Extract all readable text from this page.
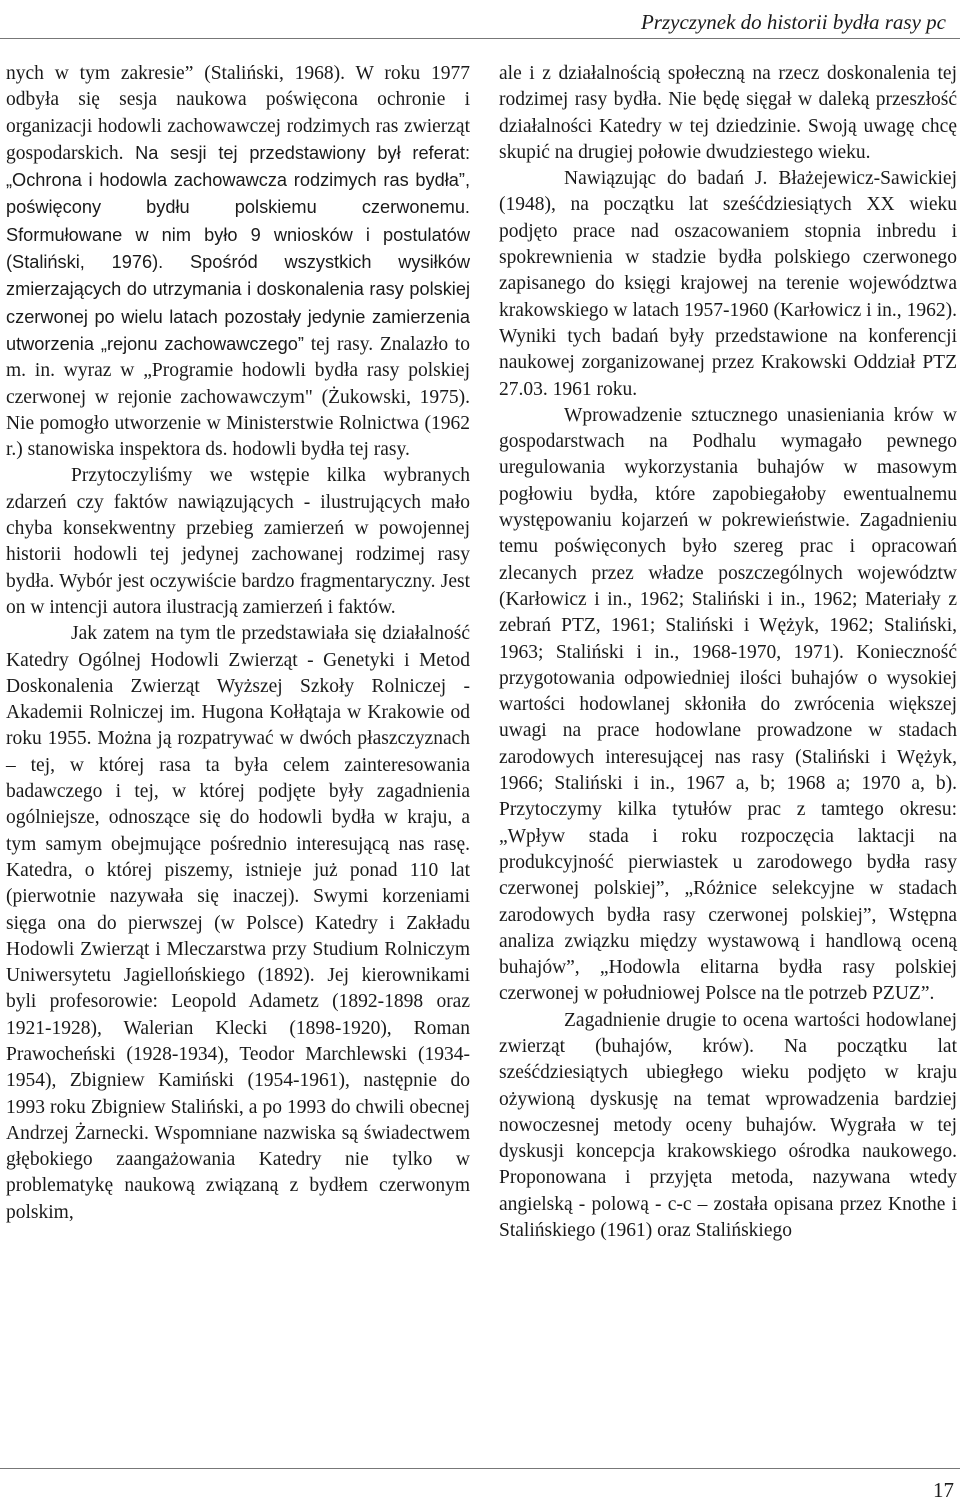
Przyczynek do historii bydła rasy pc

nych w tym zakresie” (Staliński, 1968). W roku 1977 odbyła się sesja naukowa poświęcona ochronie i organizacji hodowli zachowawczej rodzimych ras zwierząt gospodarskich. Na sesji tej przedstawiony był referat: „Ochrona i hodowla zachowawcza rodzimych ras bydła”, poświęcony bydłu polskiemu czerwonemu. Sformułowane w nim było 9 wniosków i postulatów (Staliński, 1976). Spośród wszystkich wysiłków zmierzających do utrzymania i doskonalenia rasy polskiej czerwonej po wielu latach pozostały jedynie zamierzenia utworzenia „rejonu zachowawczego” tej rasy. Znalazło to m. in. wyraz w „Programie hodowli bydła rasy polskiej czerwonej w rejonie zachowawczym" (Żukowski, 1975). Nie pomogło utworzenie w Ministerstwie Rolnictwa (1962 r.) stanowiska inspektora ds. hodowli bydła tej rasy.

Przytoczyliśmy we wstępie kilka wybranych zdarzeń czy faktów nawiązujących - ilustrujących mało chyba konsekwentny przebieg zamierzeń w powojennej historii hodowli tej jedynej zachowanej rodzimej rasy bydła. Wybór jest oczywiście bardzo fragmentaryczny. Jest on w intencji autora ilustracją zamierzeń i faktów.

Jak zatem na tym tle przedstawiała się działalność Katedry Ogólnej Hodowli Zwierząt - Genetyki i Metod Doskonalenia Zwierząt Wyższej Szkoły Rolniczej - Akademii Rolniczej im. Hugona Kołłątaja w Krakowie od roku 1955. Można ją rozpatrywać w dwóch płaszczyznach – tej, w której rasa ta była celem zainteresowania badawczego i tej, w której podjęte były zagadnienia ogólniejsze, odnoszące się do hodowli bydła w kraju, a tym samym obejmujące pośrednio interesującą nas rasę. Katedra, o której piszemy, istnieje już ponad 110 lat (pierwotnie nazywała się inaczej). Swymi korzeniami sięga ona do pierwszej (w Polsce) Katedry i Zakładu Hodowli Zwierząt i Mleczarstwa przy Studium Rolniczym Uniwersytetu Jagiellońskiego (1892). Jej kierownikami byli profesorowie: Leopold Adametz (1892-1898 oraz 1921-1928), Walerian Klecki (1898-1920), Roman Prawocheński (1928-1934), Teodor Marchlewski (1934-1954), Zbigniew Kamiński (1954-1961), następnie do 1993 roku Zbigniew Staliński, a po 1993 do chwili obecnej Andrzej Żarnecki. Wspomniane nazwiska są świadectwem głębokiego zaangażowania Katedry nie tylko w problematykę naukową związaną z bydłem czerwonym polskim,

ale i z działalnością społeczną na rzecz doskonalenia tej rodzimej rasy bydła. Nie będę sięgał w daleką przeszłość działalności Katedry w tej dziedzinie. Swoją uwagę chcę skupić na drugiej połowie dwudziestego wieku.

Nawiązując do badań J. Błażejewicz-Sawickiej (1948), na początku lat sześćdziesiątych XX wieku podjęto prace nad oszacowaniem stopnia inbredu i spokrewnienia w stadzie bydła polskiego czerwonego zapisanego do księgi krajowej na terenie województwa krakowskiego w latach 1957-1960 (Karłowicz i in., 1962). Wyniki tych badań były przedstawione na konferencji naukowej zorganizowanej przez Krakowski Oddział PTZ 27.03. 1961 roku.

Wprowadzenie sztucznego unasieniania krów w gospodarstwach na Podhalu wymagało pewnego uregulowania wykorzystania buhajów w masowym pogłowiu bydła, które zapobiegałoby ewentualnemu występowaniu kojarzeń w pokrewieństwie. Zagadnieniu temu poświęconych było szereg prac i opracowań zlecanych przez władze poszczególnych województw (Karłowicz i in., 1962; Staliński i in., 1962; Materiały z zebrań PTZ, 1961; Staliński i Wężyk, 1962; Staliński, 1963; Staliński i in., 1968-1970, 1971). Konieczność przygotowania odpowiedniej ilości buhajów o wysokiej wartości hodowlanej skłoniła do zwrócenia większej uwagi na prace hodowlane prowadzone w stadach zarodowych interesującej nas rasy (Staliński i Wężyk, 1966; Staliński i in., 1967 a, b; 1968 a; 1970 a, b). Przytoczymy kilka tytułów prac z tamtego okresu: „Wpływ stada i roku rozpoczęcia laktacji na produkcyjność pierwiastek u zarodowego bydła rasy czerwonej polskiej”, „Różnice selekcyjne w stadach zarodowych bydła rasy czerwonej polskiej”, Wstępna analiza związku między wystawową i handlową oceną buhajów”, „Hodowla elitarna bydła rasy polskiej czerwonej w południowej Polsce na tle potrzeb PZUZ”.

Zagadnienie drugie to ocena wartości hodowlanej zwierząt (buhajów, krów). Na początku lat sześćdziesiątych ubiegłego wieku podjęto w kraju ożywioną dyskusję na temat wprowadzenia bardziej nowoczesnej metody oceny buhajów. Wygrała w tej dyskusji koncepcja krakowskiego ośrodka naukowego. Proponowana i przyjęta metoda, nazywana wtedy angielską - polową - c-c – została opisana przez Knothe i Stalińskiego (1961) oraz Stalińskiego

17
